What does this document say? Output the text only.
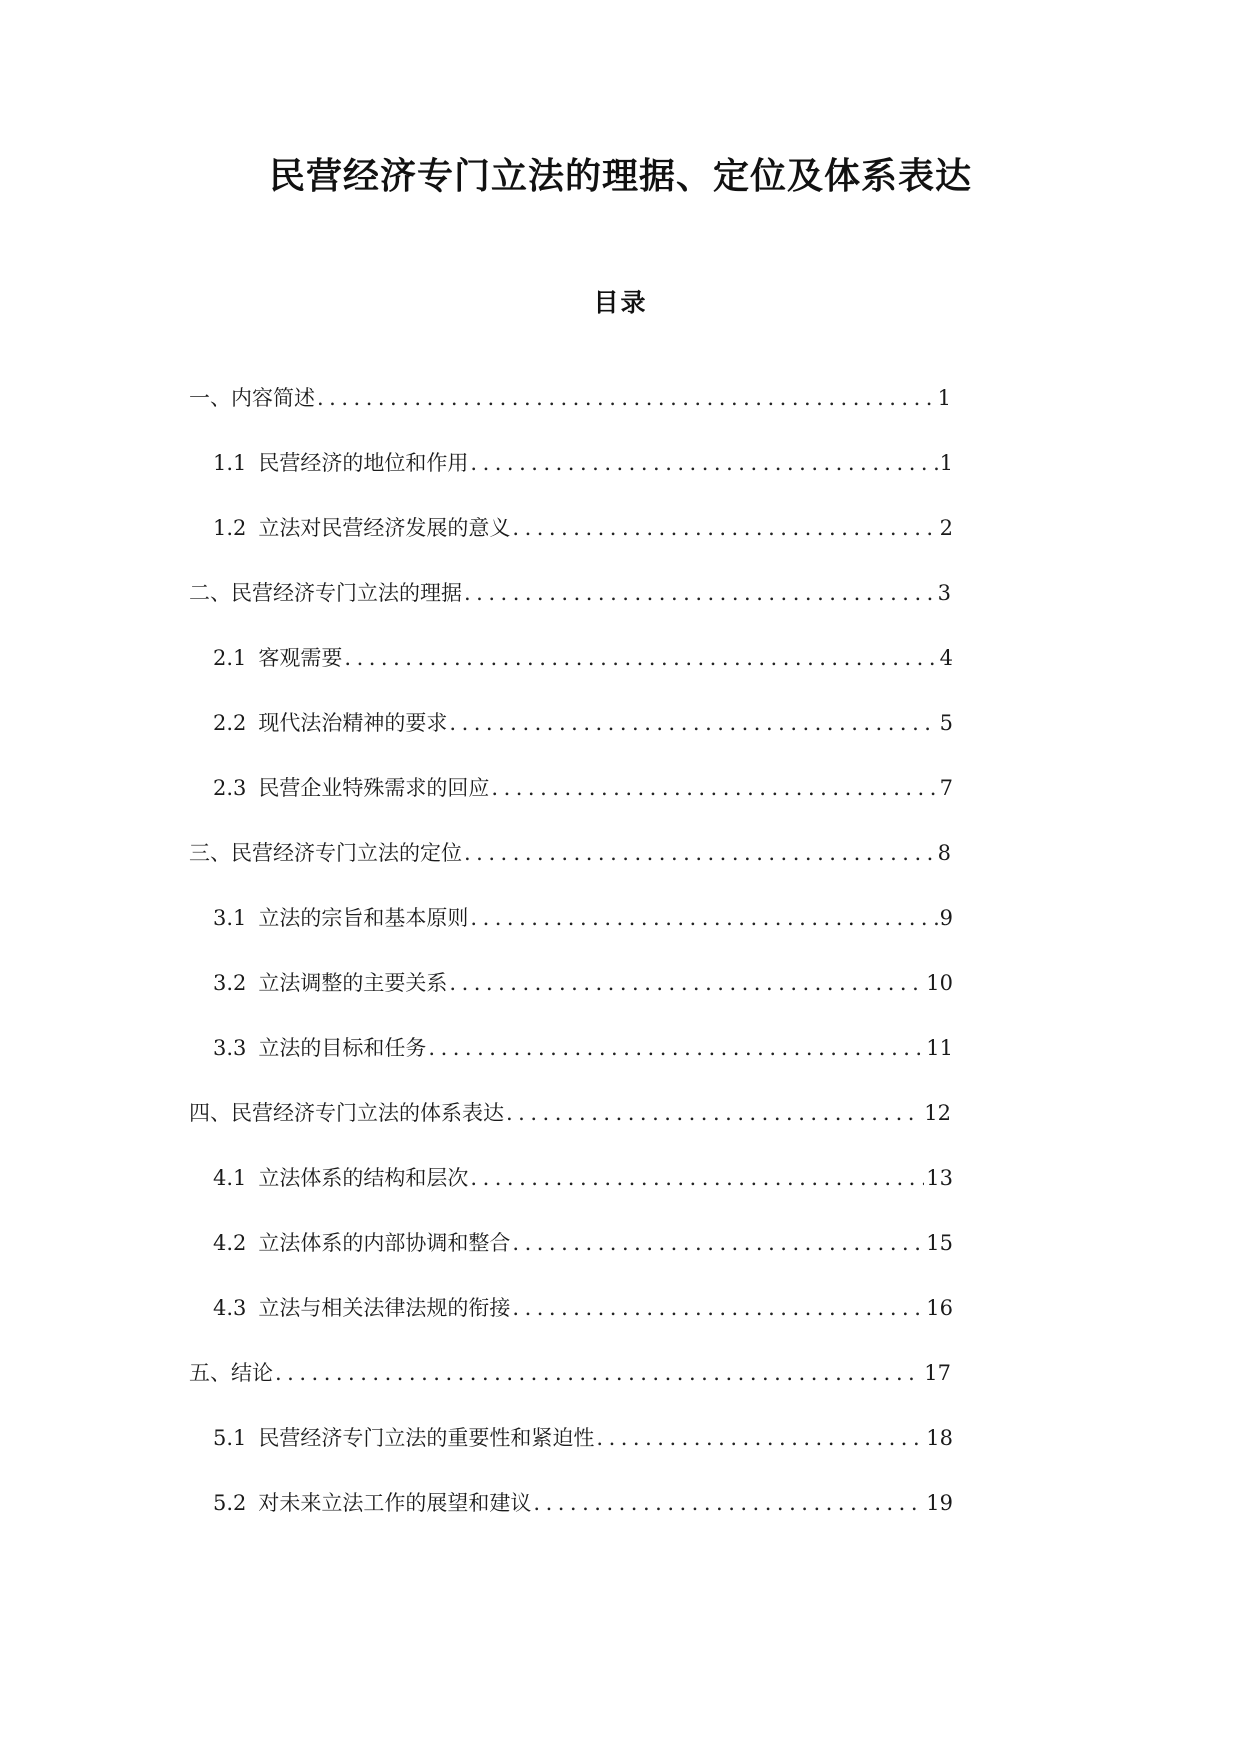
民营经济专门立法的理据、定位及体系表达
目录
一、 内容简述 .....	1
1.1 民营经济的地位和作用 .....	1
1.2 立法对民营经济发展的意义 .....	2
二、 民营经济专门立法的理据 .....	3
2.1 客观需要 .....	4
2.2 现代法治精神的要求 .....	5
2.3 民营企业特殊需求的回应 .....	7
三、 民营经济专门立法的定位 .....	8
3.1 立法的宗旨和基本原则 .....	9
3.2 立法调整的主要关系 .....	10
3.3 立法的目标和任务 .....	11
四、 民营经济专门立法的体系表达 .....	12
4.1 立法体系的结构和层次 .....	13
4.2 立法体系的内部协调和整合 .....	15
4.3 立法与相关法律法规的衔接 .....	16
五、 结论 .....	17
5.1 民营经济专门立法的重要性和紧迫性 .....	18
5.2 对未来立法工作的展望和建议 .....	19
